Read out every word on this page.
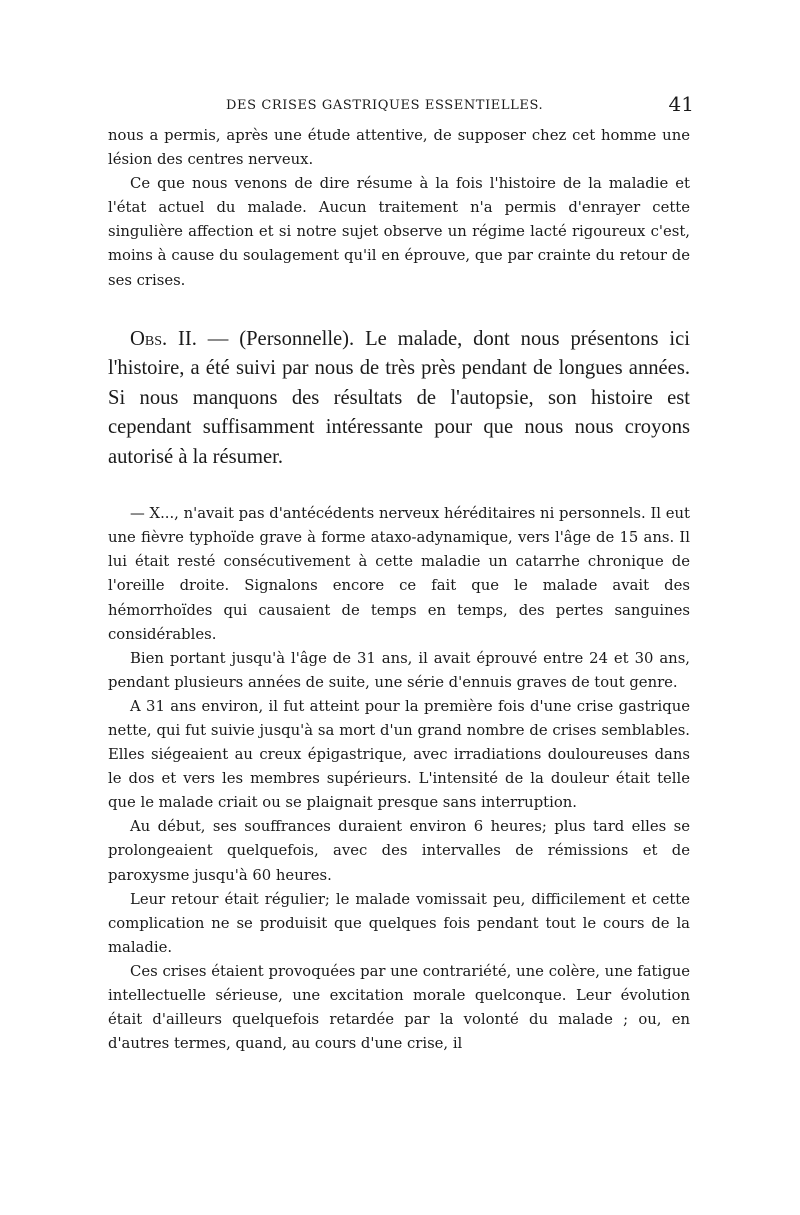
DES CRISES GASTRIQUES ESSENTIELLES.	41

nous a permis, après une étude attentive, de supposer chez cet homme une lésion des centres nerveux.

Ce que nous venons de dire résume à la fois l'histoire de la maladie et l'état actuel du malade. Aucun traitement n'a permis d'enrayer cette singulière affection et si notre sujet observe un régime lacté rigoureux c'est, moins à cause du soulagement qu'il en éprouve, que par crainte du retour de ses crises.

Obs. II. — (Personnelle). Le malade, dont nous présentons ici l'histoire, a été suivi par nous de très près pendant de longues années. Si nous manquons des résultats de l'autopsie, son histoire est cependant suffisamment intéressante pour que nous nous croyons autorisé à la résumer.

— X..., n'avait pas d'antécédents nerveux héréditaires ni personnels. Il eut une fièvre typhoïde grave à forme ataxo-adynamique, vers l'âge de 15 ans. Il lui était resté consécutivement à cette maladie un catarrhe chronique de l'oreille droite. Signalons encore ce fait que le malade avait des hémorrhoïdes qui causaient de temps en temps, des pertes sanguines considérables.

Bien portant jusqu'à l'âge de 31 ans, il avait éprouvé entre 24 et 30 ans, pendant plusieurs années de suite, une série d'ennuis graves de tout genre.

A 31 ans environ, il fut atteint pour la première fois d'une crise gastrique nette, qui fut suivie jusqu'à sa mort d'un grand nombre de crises semblables. Elles siégeaient au creux épigastrique, avec irradiations douloureuses dans le dos et vers les membres supérieurs. L'intensité de la douleur était telle que le malade criait ou se plaignait presque sans interruption.

Au début, ses souffrances duraient environ 6 heures; plus tard elles se prolongeaient quelquefois, avec des intervalles de rémissions et de paroxysme jusqu'à 60 heures.

Leur retour était régulier; le malade vomissait peu, difficilement et cette complication ne se produisit que quelques fois pendant tout le cours de la maladie.

Ces crises étaient provoquées par une contrariété, une colère, une fatigue intellectuelle sérieuse, une excitation morale quelconque. Leur évolution était d'ailleurs quelquefois retardée par la volonté du malade ; ou, en d'autres termes, quand, au cours d'une crise, il
